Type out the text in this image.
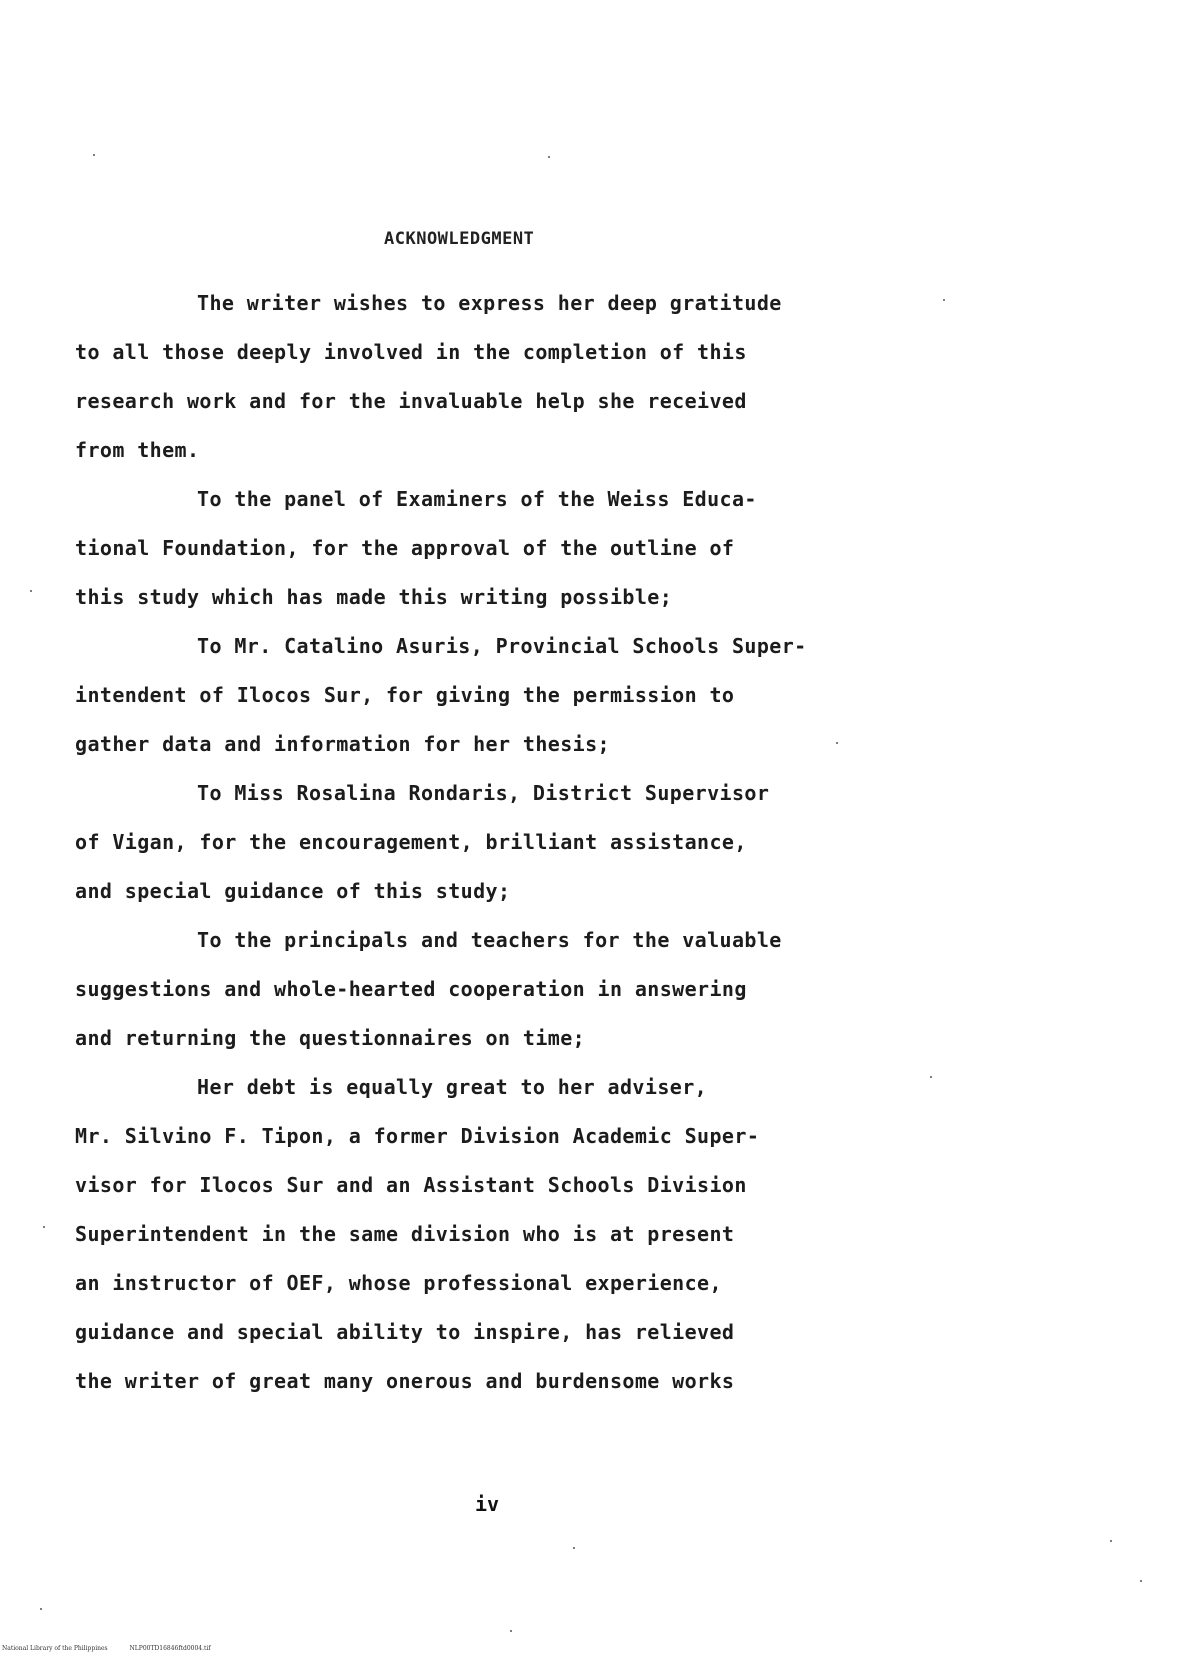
ACKNOWLEDGMENT
The writer wishes to express her deep gratitude
to all those deeply involved in the completion of this
research work and for the invaluable help she received
from them.
To the panel of Examiners of the Weiss Educa-
tional Foundation, for the approval of the outline of
this study which has made this writing possible;
To Mr. Catalino Asuris, Provincial Schools Super-
intendent of Ilocos Sur, for giving the permission to
gather data and information for her thesis;
To Miss Rosalina Rondaris, District Supervisor
of Vigan, for the encouragement, brilliant assistance,
and special guidance of this study;
To the principals and teachers for the valuable
suggestions and whole-hearted cooperation in answering
and returning the questionnaires on time;
Her debt is equally great to her adviser,
Mr. Silvino F. Tipon, a former Division Academic Super-
visor for Ilocos Sur and an Assistant Schools Division
Superintendent in the same division who is at present
an instructor of OEF, whose professional experience,
guidance and special ability to inspire, has relieved
the writer of great many onerous and burdensome works
iv
National Library of the Philippines	NLP00TD16846ftd0004.tif
